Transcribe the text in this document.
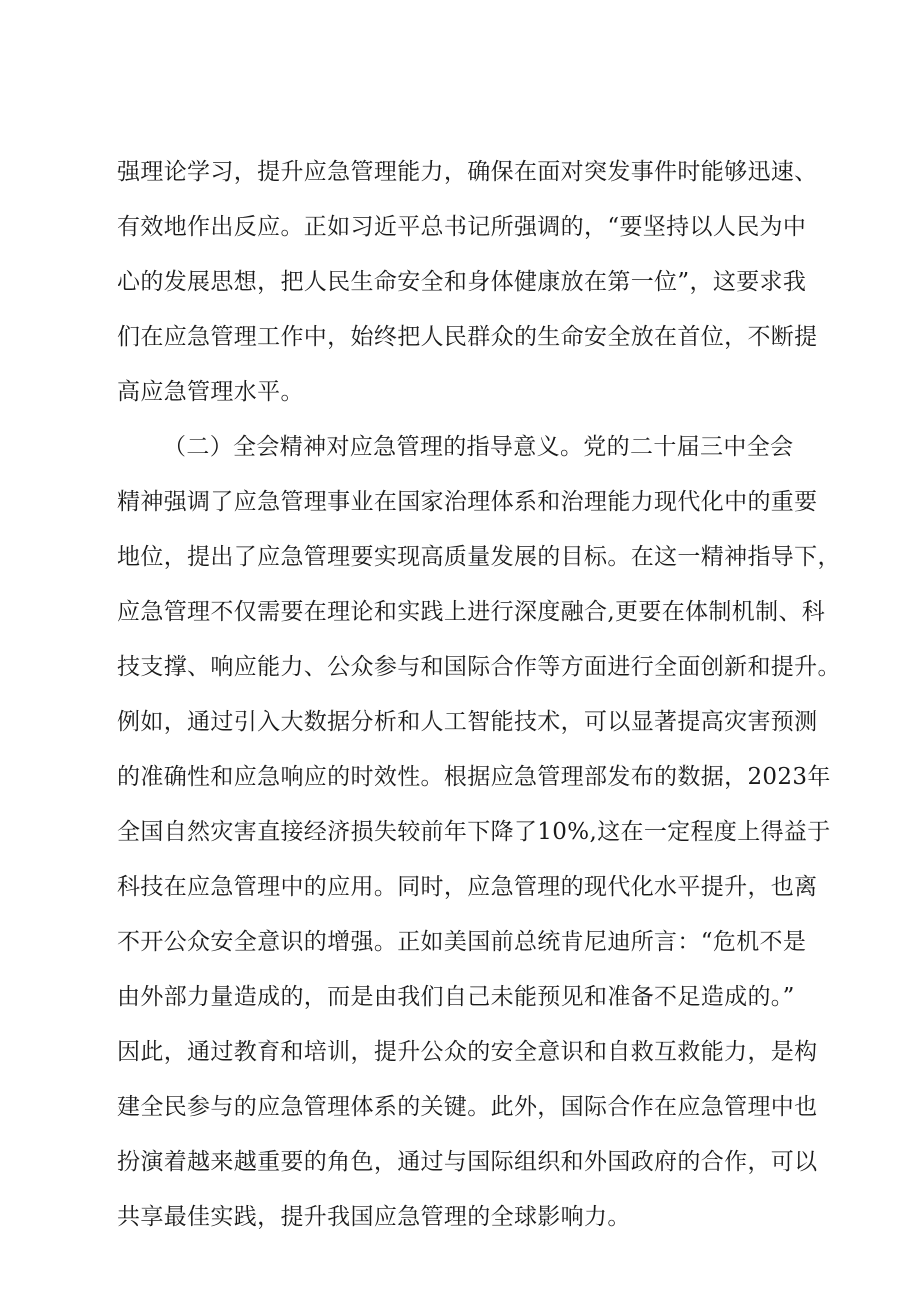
强理论学习，提升应急管理能力，确保在面对突发事件时能够迅速、
有效地作出反应。正如习近平总书记所强调的，“要坚持以人民为中
心的发展思想，把人民生命安全和身体健康放在第一位”，这要求我
们在应急管理工作中，始终把人民群众的生命安全放在首位，不断提
高应急管理水平。
（二）全会精神对应急管理的指导意义。党的二十届三中全会
精神强调了应急管理事业在国家治理体系和治理能力现代化中的重要
地位，提出了应急管理要实现高质量发展的目标。在这一精神指导下，
应急管理不仅需要在理论和实践上进行深度融合,更要在体制机制、科
技支撑、响应能力、公众参与和国际合作等方面进行全面创新和提升。
例如，通过引入大数据分析和人工智能技术，可以显著提高灾害预测
的准确性和应急响应的时效性。根据应急管理部发布的数据，2023年
全国自然灾害直接经济损失较前年下降了10%,这在一定程度上得益于
科技在应急管理中的应用。同时，应急管理的现代化水平提升，也离
不开公众安全意识的增强。正如美国前总统肯尼迪所言：“危机不是
由外部力量造成的，而是由我们自己未能预见和准备不足造成的。”
因此，通过教育和培训，提升公众的安全意识和自救互救能力，是构
建全民参与的应急管理体系的关键。此外，国际合作在应急管理中也
扮演着越来越重要的角色，通过与国际组织和外国政府的合作，可以
共享最佳实践，提升我国应急管理的全球影响力。
